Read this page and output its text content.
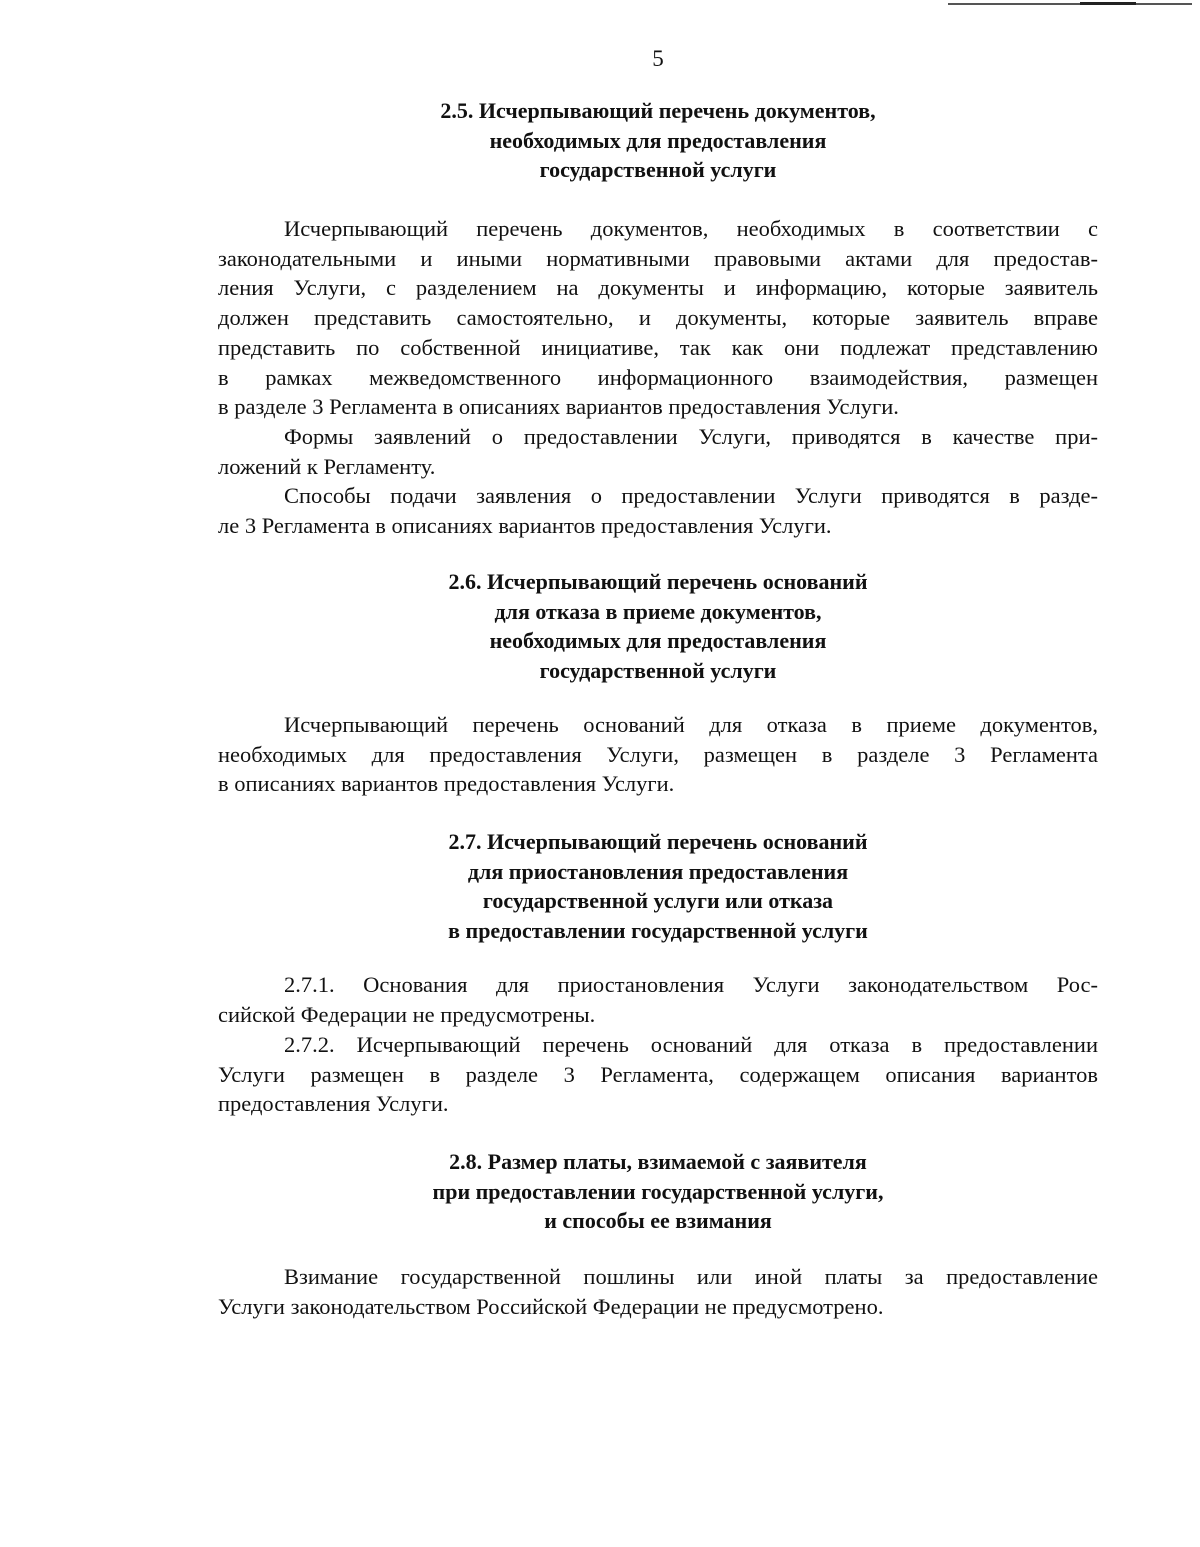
5
2.5. Исчерпывающий перечень документов,
необходимых для предоставления
государственной услуги

Исчерпывающий перечень документов, необходимых в соответствии с
законодательными и иными нормативными правовыми актами для предостав-
ления Услуги, с разделением на документы и информацию, которые заявитель
должен представить самостоятельно, и документы, которые заявитель вправе
представить по собственной инициативе, так как они подлежат представлению
в рамках межведомственного информационного взаимодействия, размещен
в разделе 3 Регламента в описаниях вариантов предоставления Услуги.

Формы заявлений о предоставлении Услуги, приводятся в качестве при-
ложений к Регламенту.

Способы подачи заявления о предоставлении Услуги приводятся в разде-
ле 3 Регламента в описаниях вариантов предоставления Услуги.

2.6. Исчерпывающий перечень оснований
для отказа в приеме документов,
необходимых для предоставления
государственной услуги

Исчерпывающий перечень оснований для отказа в приеме документов,
необходимых для предоставления Услуги, размещен в разделе 3 Регламента
в описаниях вариантов предоставления Услуги.

2.7. Исчерпывающий перечень оснований
для приостановления предоставления
государственной услуги или отказа
в предоставлении государственной услуги

2.7.1. Основания для приостановления Услуги законодательством Рос-
сийской Федерации не предусмотрены.

2.7.2. Исчерпывающий перечень оснований для отказа в предоставлении
Услуги размещен в разделе 3 Регламента, содержащем описания вариантов
предоставления Услуги.

2.8. Размер платы, взимаемой с заявителя
при предоставлении государственной услуги,
и способы ее взимания

Взимание государственной пошлины или иной платы за предоставление
Услуги законодательством Российской Федерации не предусмотрено.
